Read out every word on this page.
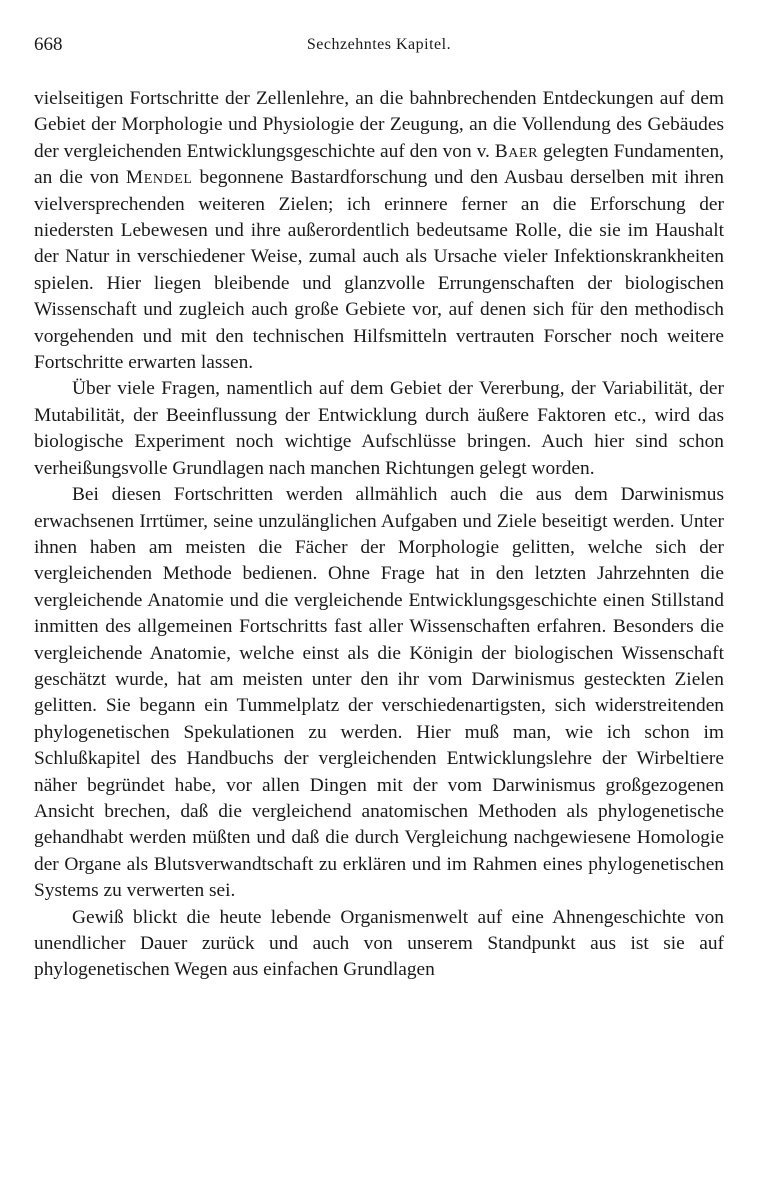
668	Sechzehntes Kapitel.

vielseitigen Fortschritte der Zellenlehre, an die bahnbrechenden Entdeckungen auf dem Gebiet der Morphologie und Physiologie der Zeugung, an die Vollendung des Gebäudes der vergleichenden Entwicklungsgeschichte auf den von v. Baer gelegten Fundamenten, an die von Mendel begonnene Bastardforschung und den Ausbau derselben mit ihren vielversprechenden weiteren Zielen; ich erinnere ferner an die Erforschung der niedersten Lebewesen und ihre außerordentlich bedeutsame Rolle, die sie im Haushalt der Natur in verschiedener Weise, zumal auch als Ursache vieler Infektionskrankheiten spielen. Hier liegen bleibende und glanzvolle Errungenschaften der biologischen Wissenschaft und zugleich auch große Gebiete vor, auf denen sich für den methodisch vorgehenden und mit den technischen Hilfsmitteln vertrauten Forscher noch weitere Fortschritte erwarten lassen.

Über viele Fragen, namentlich auf dem Gebiet der Vererbung, der Variabilität, der Mutabilität, der Beeinflussung der Entwicklung durch äußere Faktoren etc., wird das biologische Experiment noch wichtige Aufschlüsse bringen. Auch hier sind schon verheißungsvolle Grundlagen nach manchen Richtungen gelegt worden.

Bei diesen Fortschritten werden allmählich auch die aus dem Darwinismus erwachsenen Irrtümer, seine unzulänglichen Aufgaben und Ziele beseitigt werden. Unter ihnen haben am meisten die Fächer der Morphologie gelitten, welche sich der vergleichenden Methode bedienen. Ohne Frage hat in den letzten Jahrzehnten die vergleichende Anatomie und die vergleichende Entwicklungsgeschichte einen Stillstand inmitten des allgemeinen Fortschritts fast aller Wissenschaften erfahren. Besonders die vergleichende Anatomie, welche einst als die Königin der biologischen Wissenschaft geschätzt wurde, hat am meisten unter den ihr vom Darwinismus gesteckten Zielen gelitten. Sie begann ein Tummelplatz der verschiedenartigsten, sich widerstreitenden phylogenetischen Spekulationen zu werden. Hier muß man, wie ich schon im Schlußkapitel des Handbuchs der vergleichenden Entwicklungslehre der Wirbeltiere näher begründet habe, vor allen Dingen mit der vom Darwinismus großgezogenen Ansicht brechen, daß die vergleichend anatomischen Methoden als phylogenetische gehandhabt werden müßten und daß die durch Vergleichung nachgewiesene Homologie der Organe als Blutsverwandtschaft zu erklären und im Rahmen eines phylogenetischen Systems zu verwerten sei.

Gewiß blickt die heute lebende Organismenwelt auf eine Ahnengeschichte von unendlicher Dauer zurück und auch von unserem Standpunkt aus ist sie auf phylogenetischen Wegen aus einfachen Grundlagen
